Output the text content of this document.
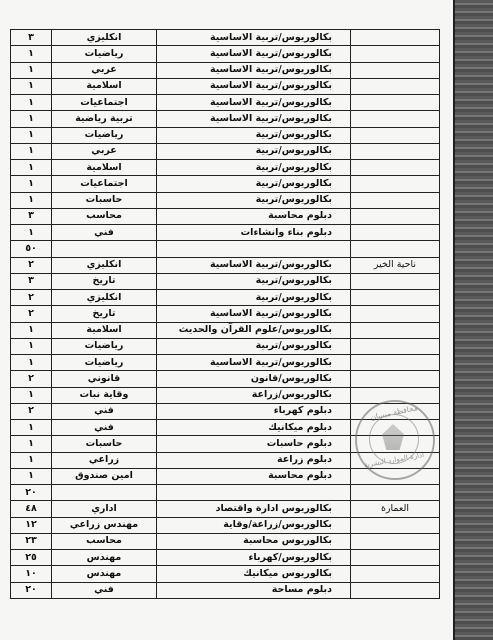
	بكالوريوس/تربية الاساسية	انكليزي	٣
	بكالوريوس/تربية الاساسية	رياضيات	١
	بكالوريوس/تربية الاساسية	عربي	١
	بكالوريوس/تربية الاساسية	اسلامية	١
	بكالوريوس/تربية الاساسية	اجتماعيات	١
	بكالوريوس/تربية الاساسية	تربية رياضية	١
	بكالوريوس/تربية	رياضيات	١
	بكالوريوس/تربية	عربي	١
	بكالوريوس/تربية	اسلامية	١
	بكالوريوس/تربية	اجتماعيات	١
	بكالوريوس/تربية	حاسبات	١
	دبلوم محاسبة	محاسب	٣
	دبلوم بناء وانشاءات	فني	١
			٥٠
ناحية الخير	بكالوريوس/تربية الاساسية	انكليزي	٢
	بكالوريوس/تربية	تاريخ	٣
	بكالوريوس/تربية	انكليزي	٢
	بكالوريوس/تربية الاساسية	تاريخ	٢
	بكالوريوس/علوم القرآن والحديث	اسلامية	١
	بكالوريوس/تربية	رياضيات	١
	بكالوريوس/تربية الاساسية	رياضيات	١
	بكالوريوس/قانون	قانوني	٢
	بكالوريوس/زراعة	وقاية نبات	١
	دبلوم كهرباء	فني	٢
	دبلوم ميكانيك	فني	١
	دبلوم حاسبات	حاسبات	١
	دبلوم زراعة	زراعي	١
	دبلوم محاسبة	امين صندوق	١
			٢٠
العمارة	بكالوريوس ادارة واقتصاد	اداري	٤٨
	بكالوريوس/زراعة/وقاية	مهندس زراعي	١٢
	بكالوريوس محاسبة	محاسب	٢٣
	بكالوريوس/كهرباء	مهندس	٢٥
	بكالوريوس ميكانيك	مهندس	١٠
	دبلوم مساحة	فني	٢٠
محافظة ميسان
ادارة الموارد البشرية
